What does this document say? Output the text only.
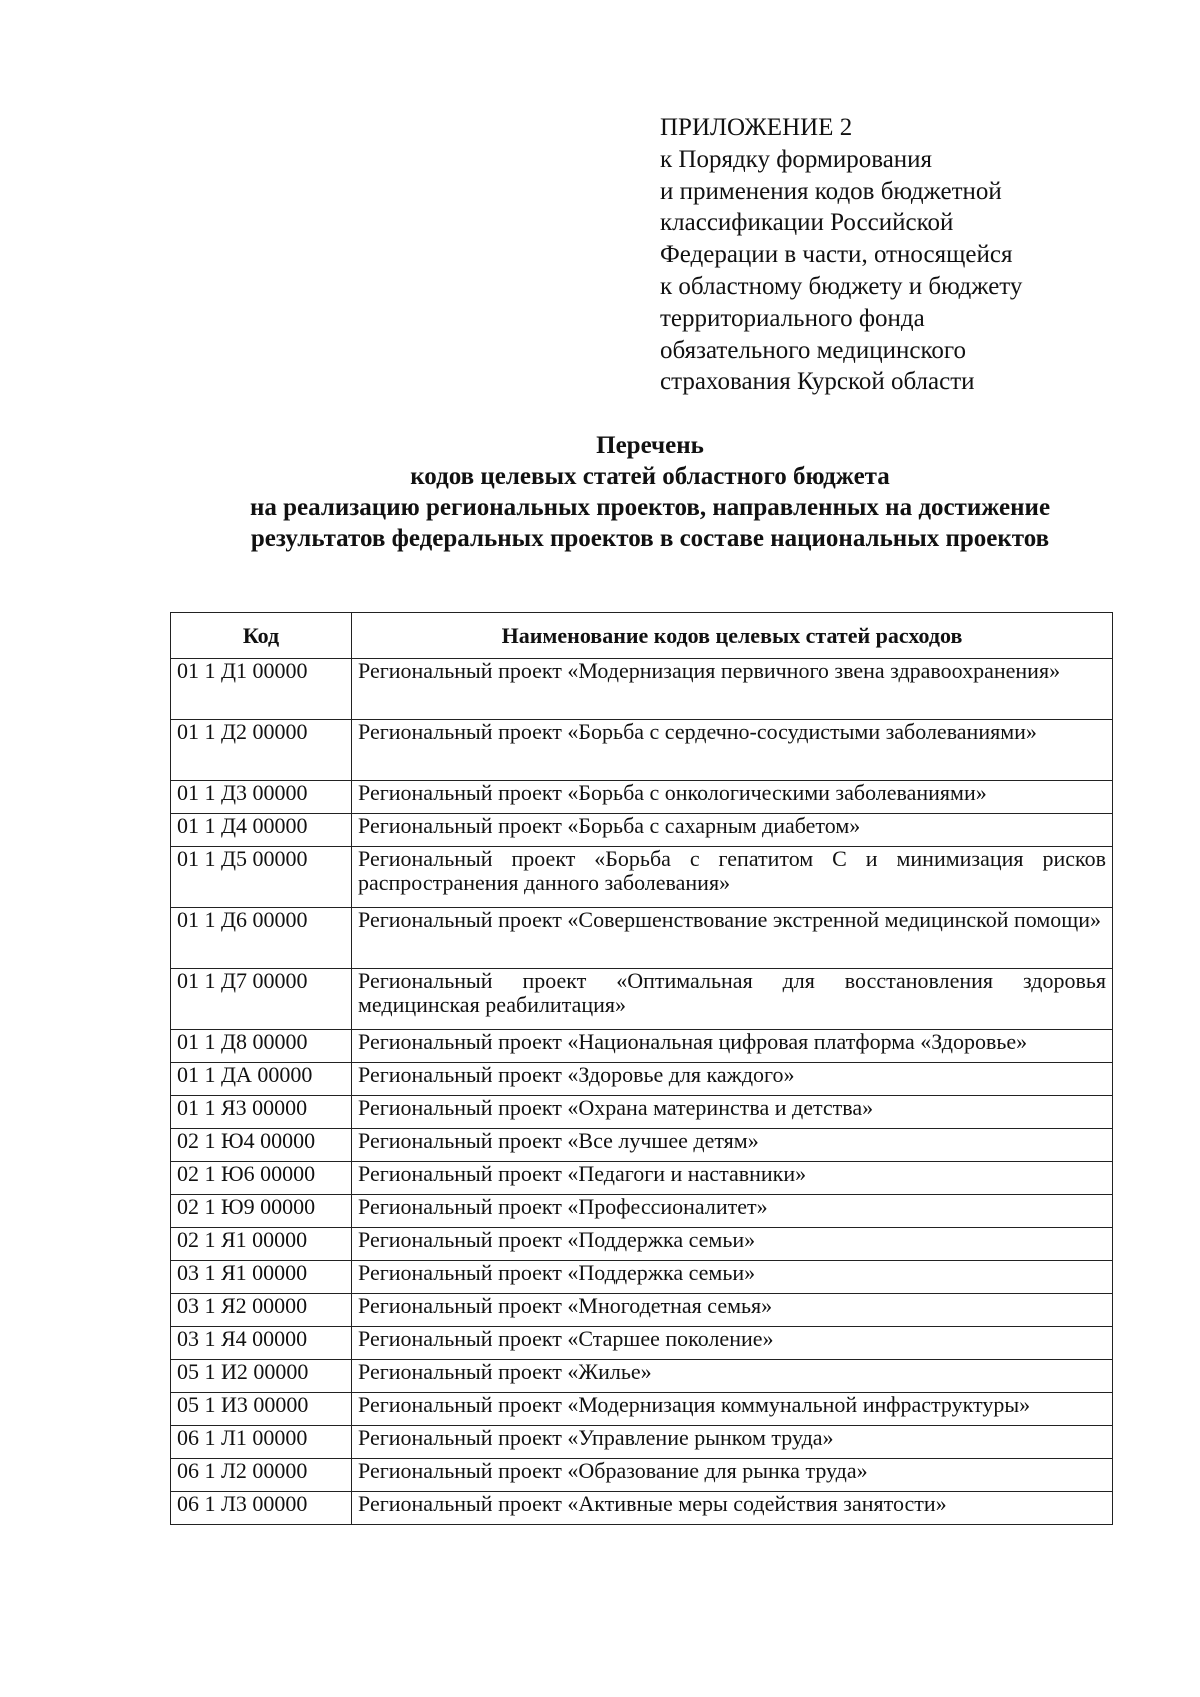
ПРИЛОЖЕНИЕ 2
к Порядку формирования
и применения кодов бюджетной
классификации Российской
Федерации в части, относящейся
к областному бюджету и бюджету
территориального фонда
обязательного медицинского
страхования Курской области
Перечень
кодов целевых статей областного бюджета
на реализацию региональных проектов, направленных на достижение
результатов федеральных проектов в составе национальных проектов
Код	Наименование кодов целевых статей расходов
01 1 Д1 00000	Региональный проект «Модернизация первичного звена здравоохранения»
01 1 Д2 00000	Региональный проект «Борьба с сердечно-сосудистыми заболеваниями»
01 1 Д3 00000	Региональный проект «Борьба с онкологическими заболеваниями»
01 1 Д4 00000	Региональный проект «Борьба с сахарным диабетом»
01 1 Д5 00000	Региональный проект «Борьба с гепатитом С и минимизация рисков распространения данного заболевания»
01 1 Д6 00000	Региональный проект «Совершенствование экстренной медицинской помощи»
01 1 Д7 00000	Региональный проект «Оптимальная для восстановления здоровья медицинская реабилитация»
01 1 Д8 00000	Региональный проект «Национальная цифровая платформа «Здоровье»
01 1 ДА 00000	Региональный проект «Здоровье для каждого»
01 1 Я3 00000	Региональный проект «Охрана материнства и детства»
02 1 Ю4 00000	Региональный проект «Все лучшее детям»
02 1 Ю6 00000	Региональный проект «Педагоги и наставники»
02 1 Ю9 00000	Региональный проект «Профессионалитет»
02 1 Я1 00000	Региональный проект «Поддержка семьи»
03 1 Я1 00000	Региональный проект «Поддержка семьи»
03 1 Я2 00000	Региональный проект «Многодетная семья»
03 1 Я4 00000	Региональный проект «Старшее поколение»
05 1 И2 00000	Региональный проект «Жилье»
05 1 И3 00000	Региональный проект «Модернизация коммунальной инфраструктуры»
06 1 Л1 00000	Региональный проект «Управление рынком труда»
06 1 Л2 00000	Региональный проект «Образование для рынка труда»
06 1 Л3 00000	Региональный проект «Активные меры содействия занятости»
